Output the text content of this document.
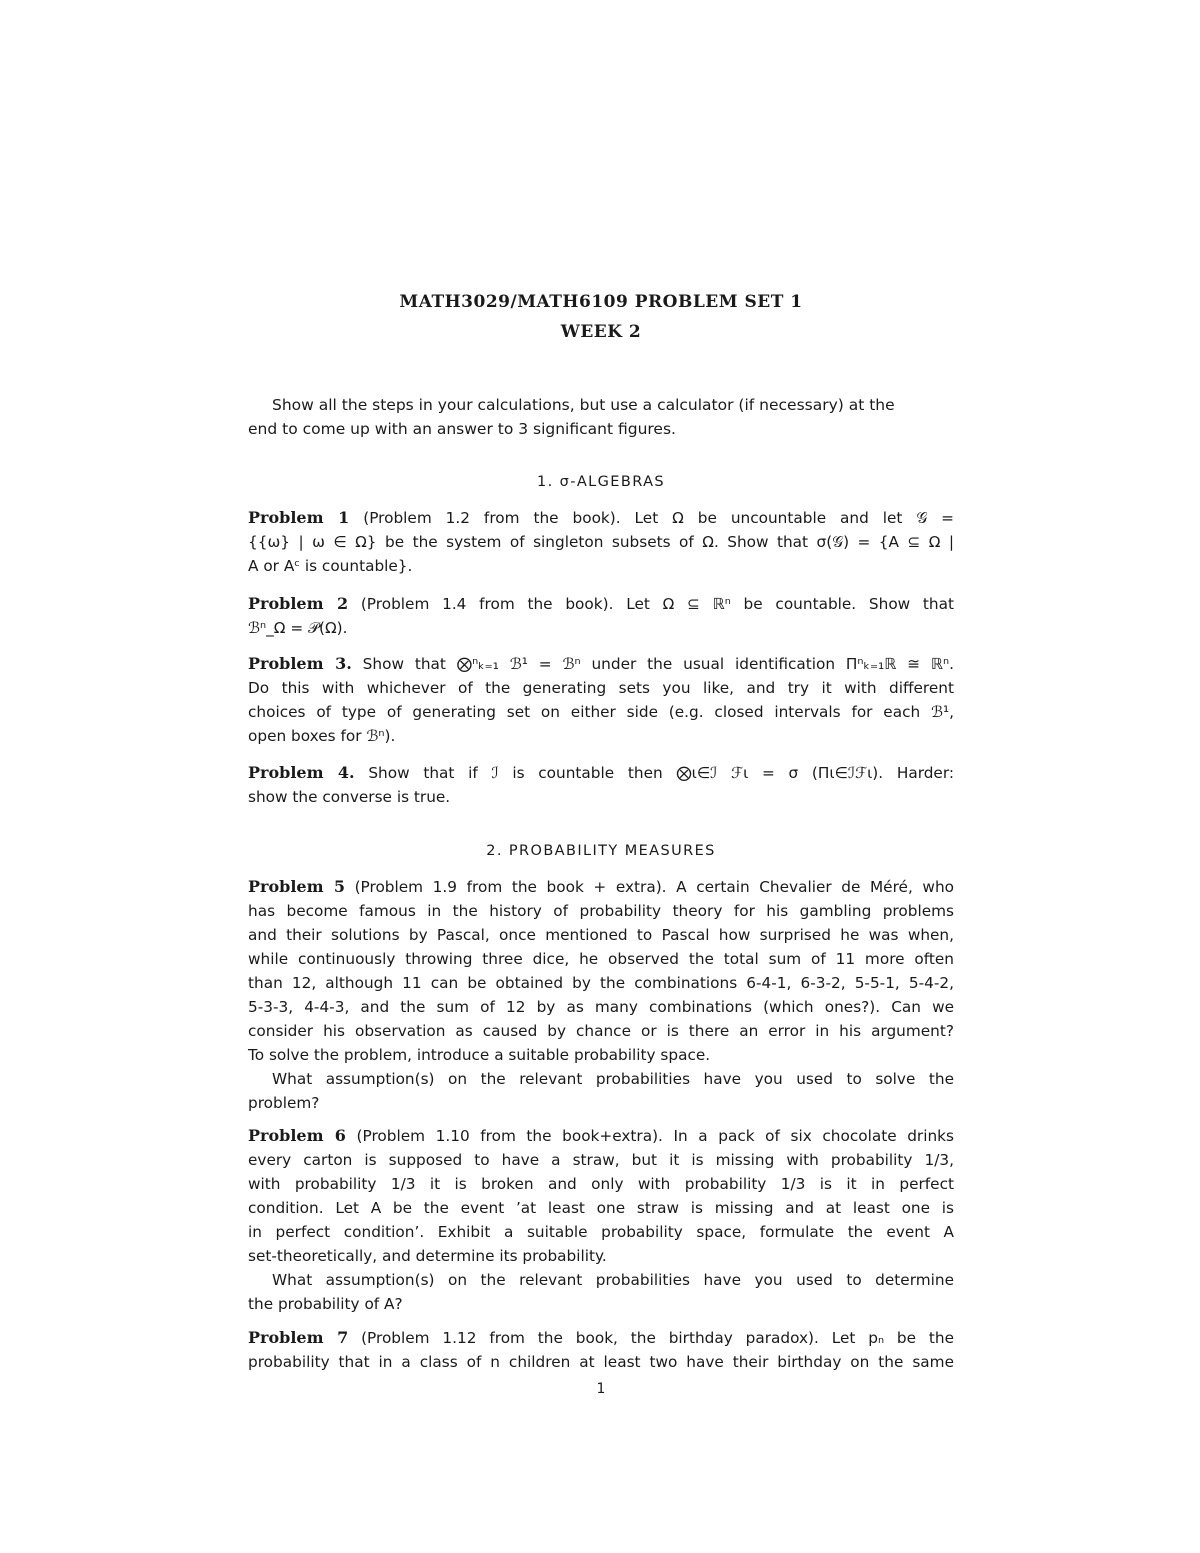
MATH3029/MATH6109 PROBLEM SET 1
WEEK 2
Show all the steps in your calculations, but use a calculator (if necessary) at the
end to come up with an answer to 3 significant figures.
1. σ-ALGEBRAS
Problem 1 (Problem 1.2 from the book). Let Ω be uncountable and let 𝒢 =
{{ω} | ω ∈ Ω} be the system of singleton subsets of Ω. Show that σ(𝒢) = {A ⊆ Ω |
A or Aᶜ is countable}.
Problem 2 (Problem 1.4 from the book). Let Ω ⊆ ℝⁿ be countable. Show that
ℬⁿ_Ω = 𝒫(Ω).
Problem 3. Show that ⨂ⁿₖ₌₁ ℬ¹ = ℬⁿ under the usual identification Πⁿₖ₌₁ℝ ≅ ℝⁿ.
Do this with whichever of the generating sets you like, and try it with different
choices of type of generating set on either side (e.g. closed intervals for each ℬ¹,
open boxes for ℬⁿ).
Problem 4. Show that if ℐ is countable then ⨂ι∈ℐ ℱι = σ (Πι∈ℐℱι). Harder:
show the converse is true.
2. PROBABILITY MEASURES
Problem 5 (Problem 1.9 from the book + extra). A certain Chevalier de Méré, who
has become famous in the history of probability theory for his gambling problems
and their solutions by Pascal, once mentioned to Pascal how surprised he was when,
while continuously throwing three dice, he observed the total sum of 11 more often
than 12, although 11 can be obtained by the combinations 6-4-1, 6-3-2, 5-5-1, 5-4-2,
5-3-3, 4-4-3, and the sum of 12 by as many combinations (which ones?). Can we
consider his observation as caused by chance or is there an error in his argument?
To solve the problem, introduce a suitable probability space.
What assumption(s) on the relevant probabilities have you used to solve the
problem?
Problem 6 (Problem 1.10 from the book+extra). In a pack of six chocolate drinks
every carton is supposed to have a straw, but it is missing with probability 1/3,
with probability 1/3 it is broken and only with probability 1/3 is it in perfect
condition. Let A be the event ’at least one straw is missing and at least one is
in perfect condition’. Exhibit a suitable probability space, formulate the event A
set-theoretically, and determine its probability.
What assumption(s) on the relevant probabilities have you used to determine
the probability of A?
Problem 7 (Problem 1.12 from the book, the birthday paradox). Let pₙ be the
probability that in a class of n children at least two have their birthday on the same
1
